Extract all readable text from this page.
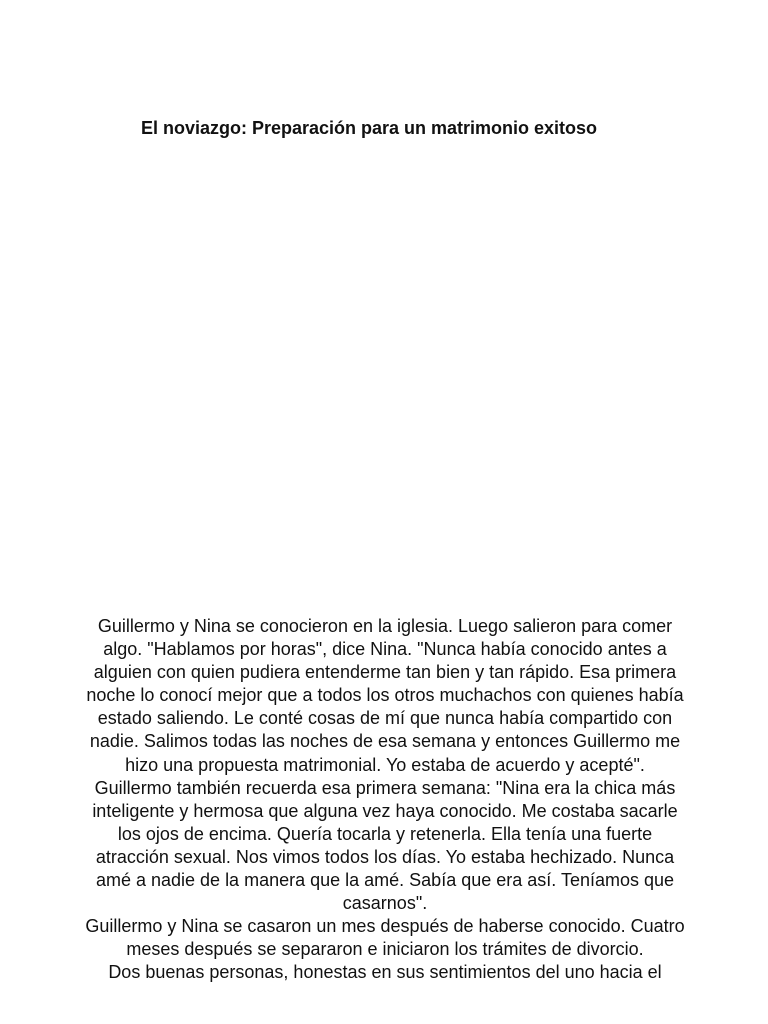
El noviazgo: Preparación para un matrimonio exitoso

Guillermo y Nina se conocieron en la iglesia. Luego salieron para comer algo. "Hablamos por horas", dice Nina. "Nunca había conocido antes a alguien con quien pudiera entenderme tan bien y tan rápido. Esa primera noche lo conocí mejor que a todos los otros muchachos con quienes había estado saliendo. Le conté cosas de mí que nunca había compartido con nadie. Salimos todas las noches de esa semana y entonces Guillermo me hizo una propuesta matrimonial. Yo estaba de acuerdo y acepté".

Guillermo también recuerda esa primera semana: "Nina era la chica más inteligente y hermosa que alguna vez haya conocido. Me costaba sacarle los ojos de encima. Quería tocarla y retenerla. Ella tenía una fuerte atracción sexual. Nos vimos todos los días. Yo estaba hechizado. Nunca amé a nadie de la manera que la amé. Sabía que era así. Teníamos que casarnos".

Guillermo y Nina se casaron un mes después de haberse conocido. Cuatro meses después se separaron e iniciaron los trámites de divorcio.

Dos buenas personas, honestas en sus sentimientos del uno hacia el
